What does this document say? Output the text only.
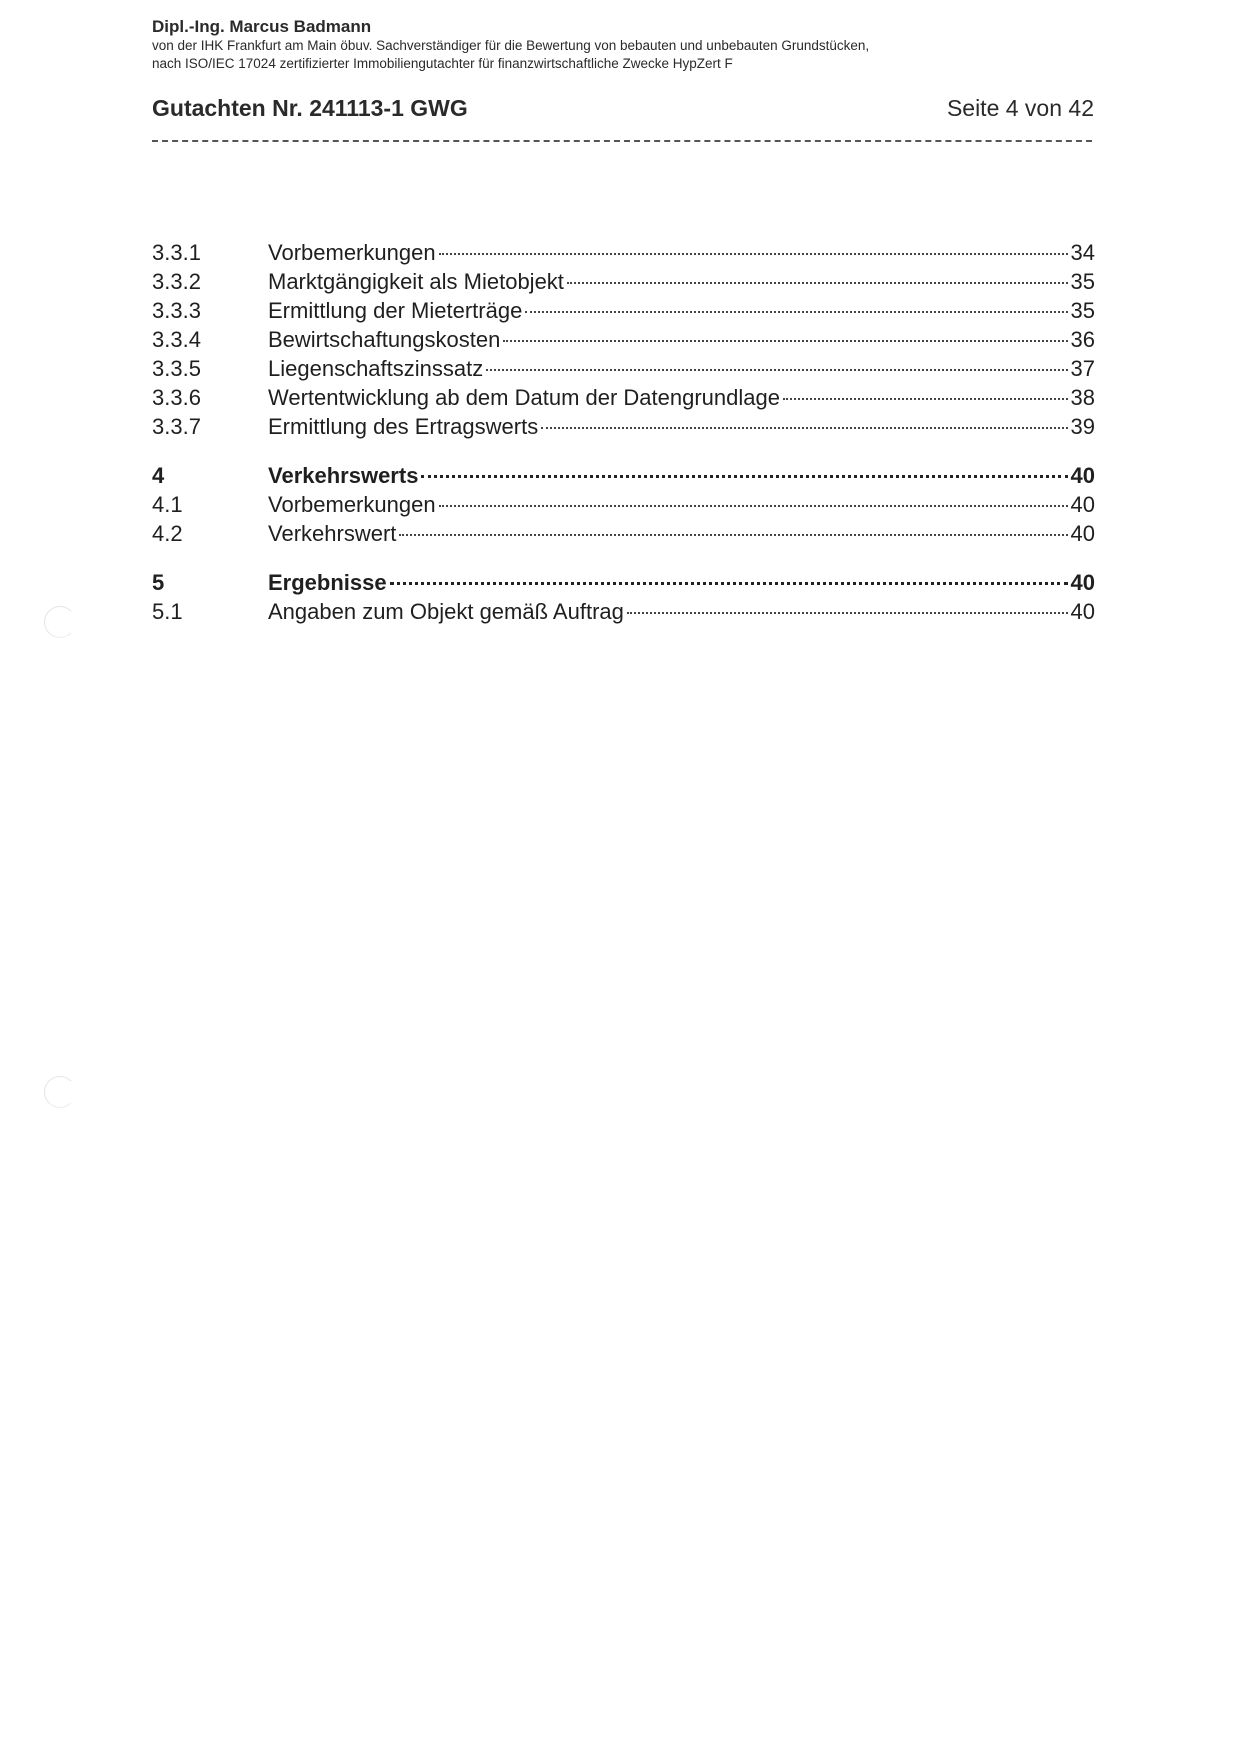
Dipl.-Ing. Marcus Badmann
von der IHK Frankfurt am Main öbuv. Sachverständiger für die Bewertung von bebauten und unbebauten Grundstücken,
nach ISO/IEC 17024 zertifizierter Immobiliengutachter für finanzwirtschaftliche Zwecke HypZert F
Gutachten Nr. 241113-1 GWG	Seite 4 von 42
3.3.1	Vorbemerkungen	34
3.3.2	Marktgängigkeit als Mietobjekt	35
3.3.3	Ermittlung der Mieterträge	35
3.3.4	Bewirtschaftungskosten	36
3.3.5	Liegenschaftszinssatz	37
3.3.6	Wertentwicklung ab dem Datum der Datengrundlage	38
3.3.7	Ermittlung des Ertragswerts	39
4	Verkehrswerts	40
4.1	Vorbemerkungen	40
4.2	Verkehrswert	40
5	Ergebnisse	40
5.1	Angaben zum Objekt gemäß Auftrag	40
